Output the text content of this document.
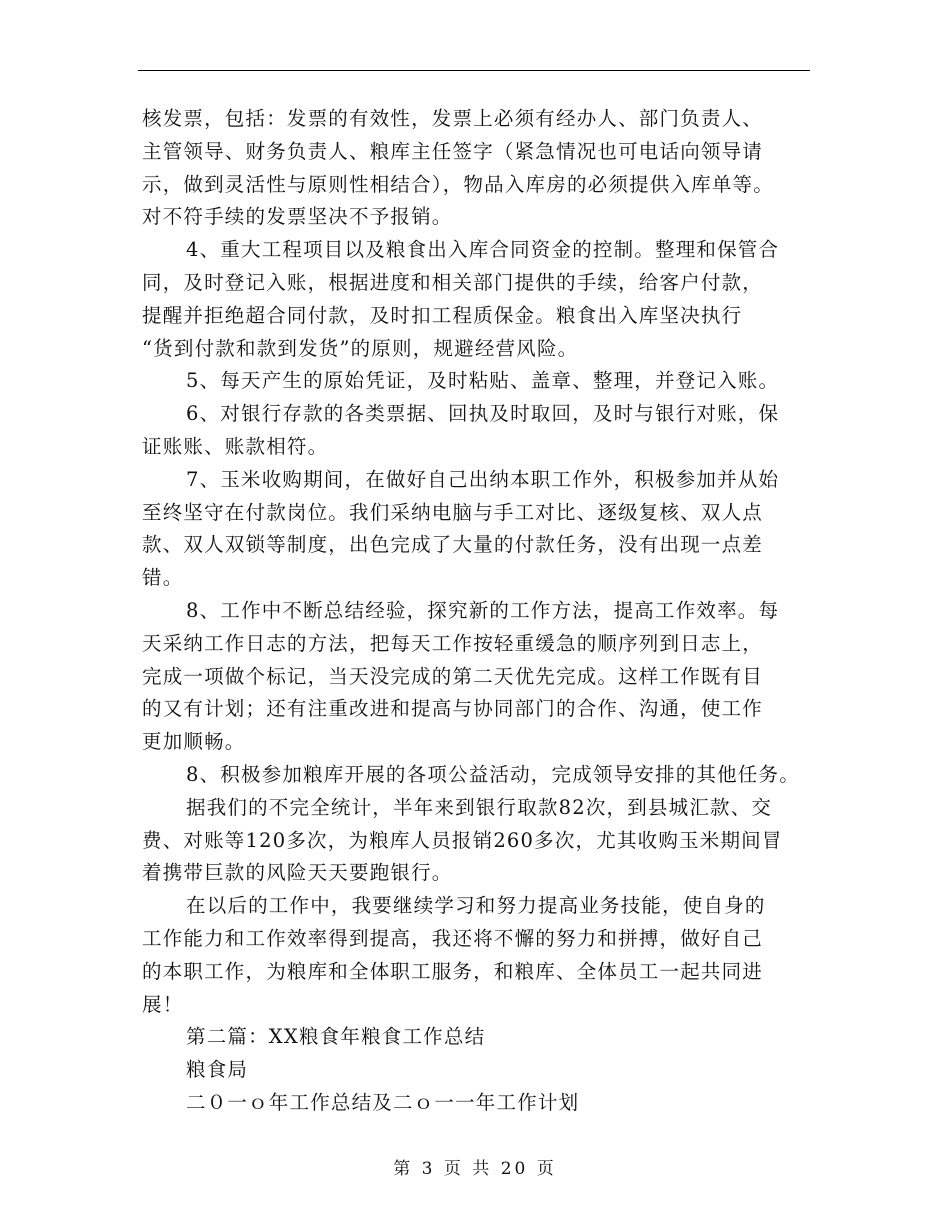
核发票，包括：发票的有效性，发票上必须有经办人、部门负责人、
主管领导、财务负责人、粮库主任签字（紧急情况也可电话向领导请
示，做到灵活性与原则性相结合），物品入库房的必须提供入库单等。
对不符手续的发票坚决不予报销。
4、重大工程项目以及粮食出入库合同资金的控制。整理和保管合
同，及时登记入账，根据进度和相关部门提供的手续，给客户付款，
提醒并拒绝超合同付款，及时扣工程质保金。粮食出入库坚决执行
“货到付款和款到发货”的原则，规避经营风险。
5、每天产生的原始凭证，及时粘贴、盖章、整理，并登记入账。
6、对银行存款的各类票据、回执及时取回，及时与银行对账，保
证账账、账款相符。
7、玉米收购期间，在做好自己出纳本职工作外，积极参加并从始
至终坚守在付款岗位。我们采纳电脑与手工对比、逐级复核、双人点
款、双人双锁等制度，出色完成了大量的付款任务，没有出现一点差
错。
8、工作中不断总结经验，探究新的工作方法，提高工作效率。每
天采纳工作日志的方法，把每天工作按轻重缓急的顺序列到日志上，
完成一项做个标记，当天没完成的第二天优先完成。这样工作既有目
的又有计划；还有注重改进和提高与协同部门的合作、沟通，使工作
更加顺畅。
8、积极参加粮库开展的各项公益活动，完成领导安排的其他任务。
据我们的不完全统计，半年来到银行取款82次，到县城汇款、交
费、对账等120多次，为粮库人员报销260多次，尤其收购玉米期间冒
着携带巨款的风险天天要跑银行。
在以后的工作中，我要继续学习和努力提高业务技能，使自身的
工作能力和工作效率得到提高，我还将不懈的努力和拼搏，做好自己
的本职工作，为粮库和全体职工服务，和粮库、全体员工一起共同进
展！
第二篇：XX粮食年粮食工作总结
粮食局
二０一ｏ年工作总结及二ｏ一一年工作计划
第 3 页 共 20 页
